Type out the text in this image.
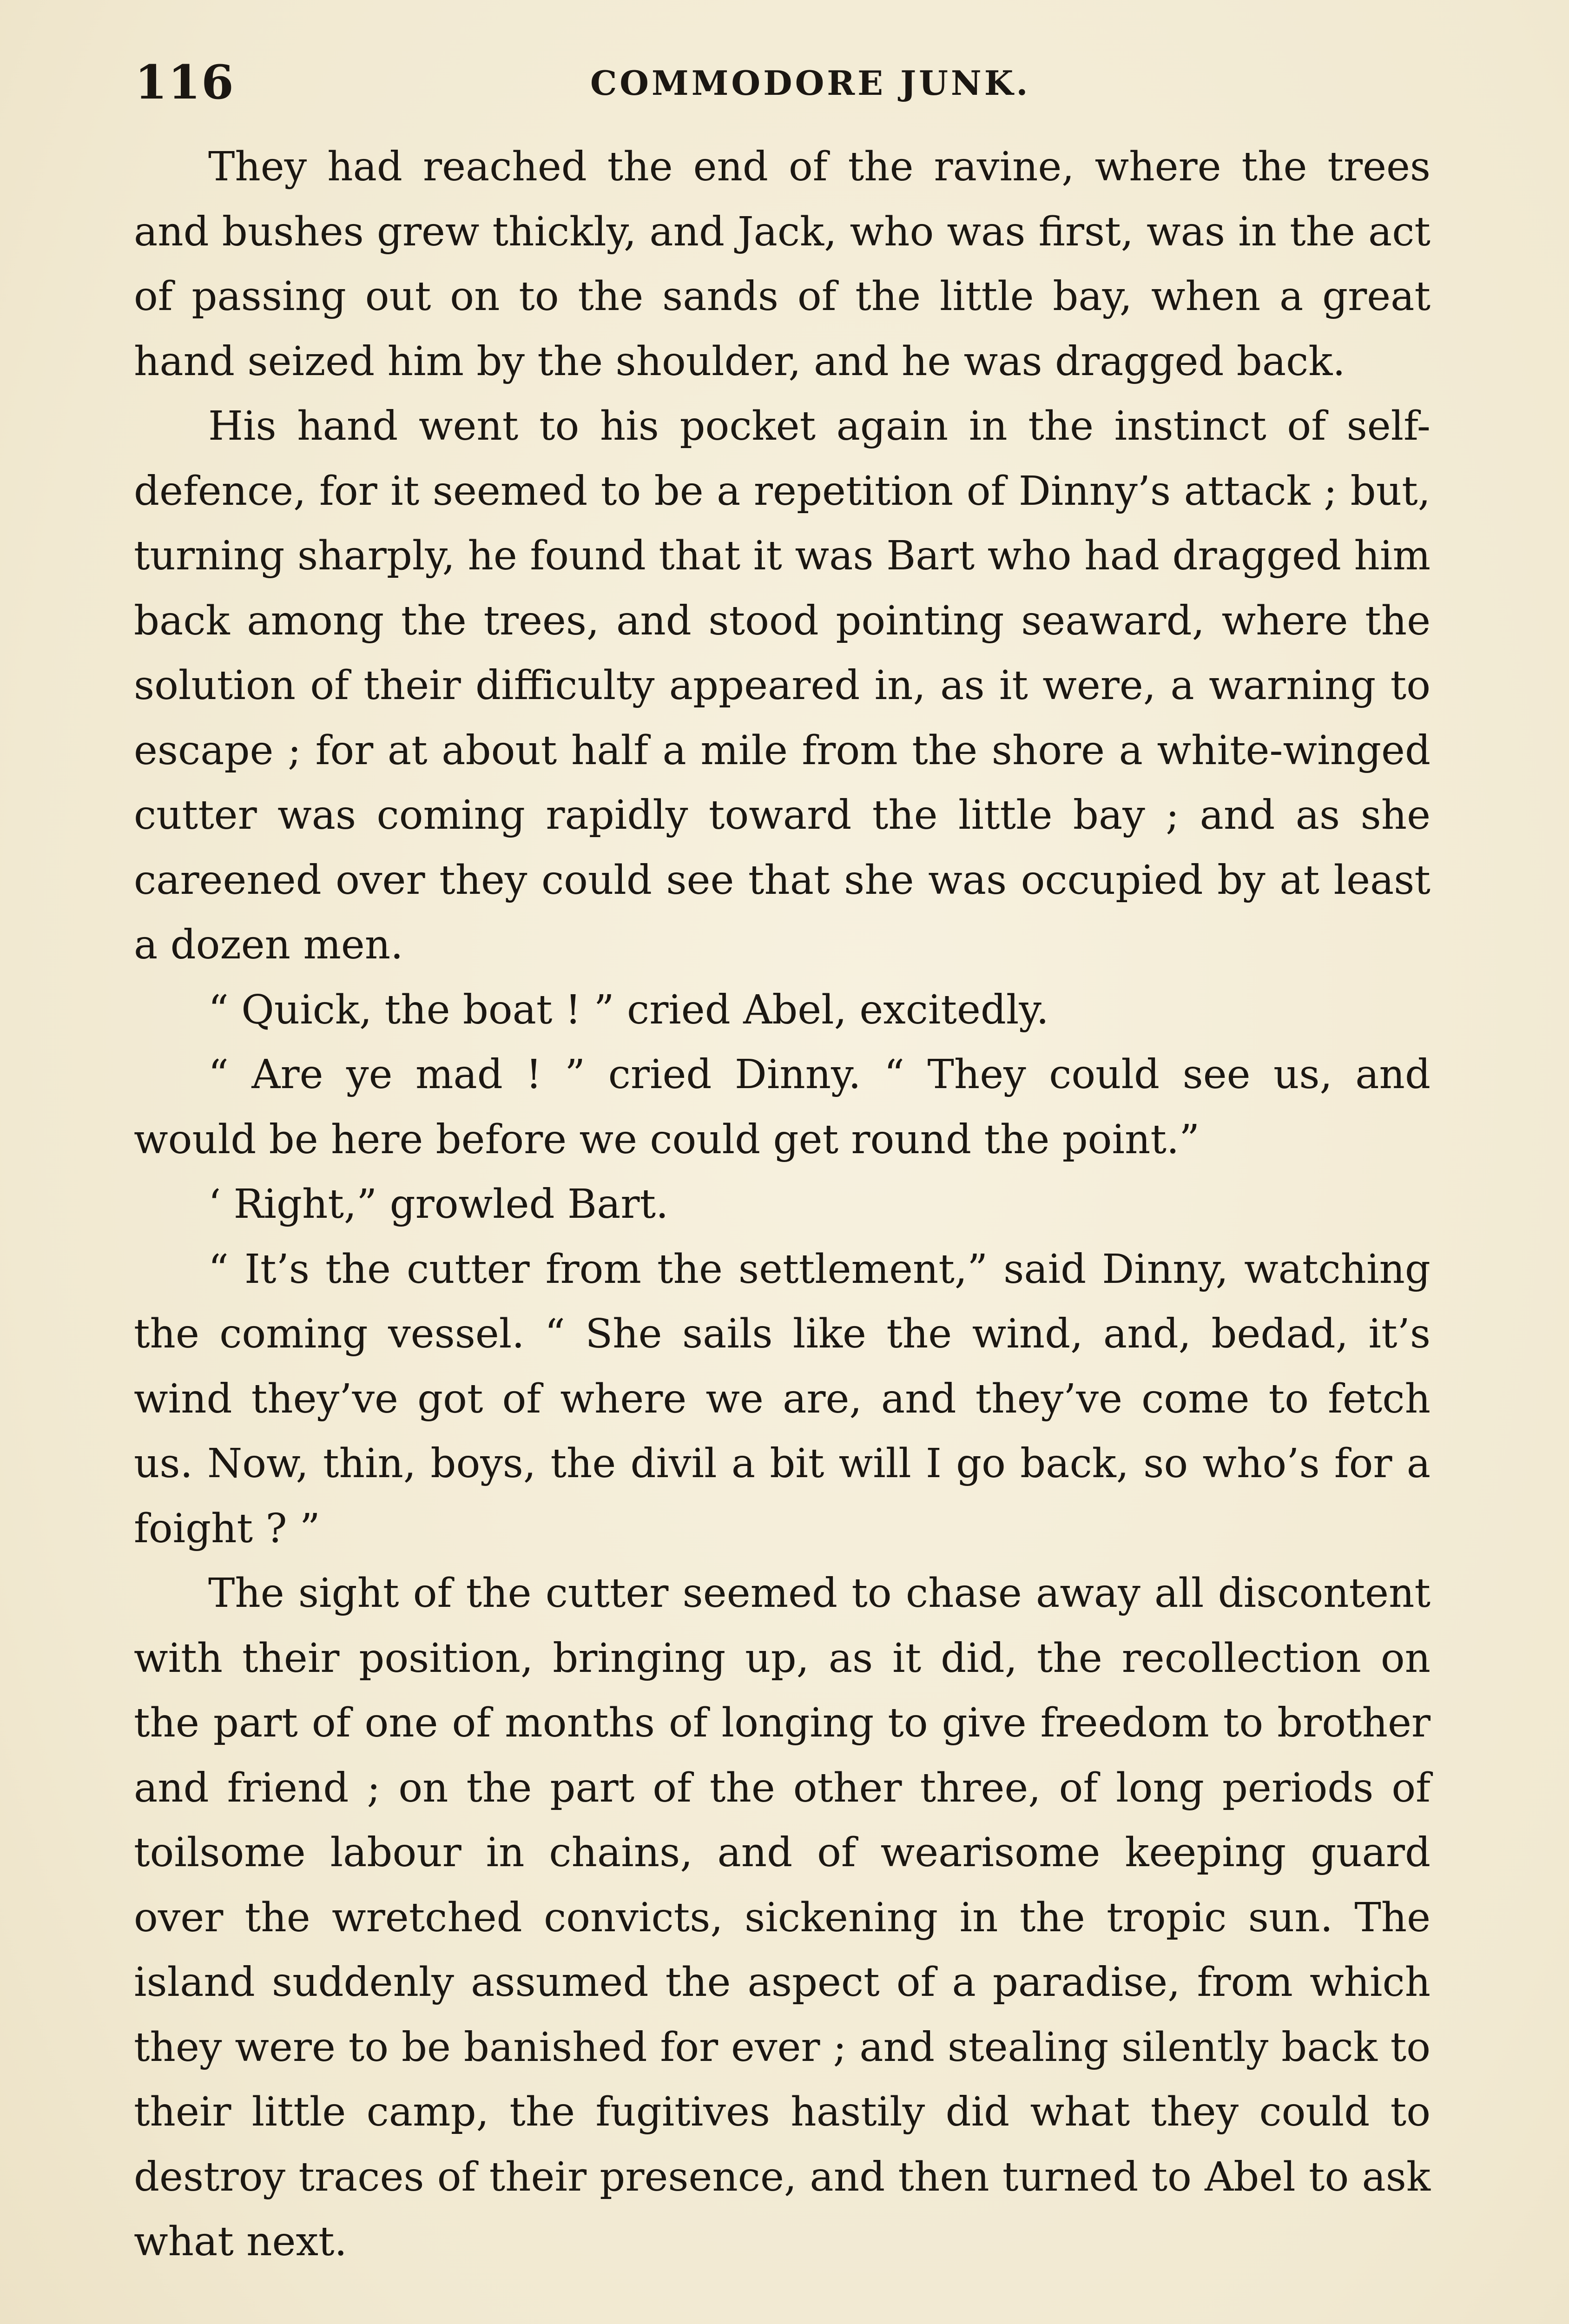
116	COMMODORE JUNK.

They had reached the end of the ravine, where the trees and bushes grew thickly, and Jack, who was first, was in the act of passing out on to the sands of the little bay, when a great hand seized him by the shoulder, and he was dragged back.

His hand went to his pocket again in the instinct of self-defence, for it seemed to be a repetition of Dinny’s attack ; but, turning sharply, he found that it was Bart who had dragged him back among the trees, and stood pointing seaward, where the solution of their difficulty appeared in, as it were, a warning to escape ; for at about half a mile from the shore a white-winged cutter was coming rapidly toward the little bay ; and as she careened over they could see that she was occupied by at least a dozen men.

“ Quick, the boat ! ” cried Abel, excitedly.

“ Are ye mad ! ” cried Dinny. “ They could see us, and would be here before we could get round the point.”

‘ Right,” growled Bart.

“ It’s the cutter from the settlement,” said Dinny, watching the coming vessel. “ She sails like the wind, and, bedad, it’s wind they’ve got of where we are, and they’ve come to fetch us. Now, thin, boys, the divil a bit will I go back, so who’s for a foight ? ”

The sight of the cutter seemed to chase away all discontent with their position, bringing up, as it did, the recollection on the part of one of months of longing to give freedom to brother and friend ; on the part of the other three, of long periods of toilsome labour in chains, and of wearisome keeping guard over the wretched convicts, sickening in the tropic sun. The island suddenly assumed the aspect of a paradise, from which they were to be banished for ever ; and stealing silently back to their little camp, the fugitives hastily did what they could to destroy traces of their presence, and then turned to Abel to ask what next.
